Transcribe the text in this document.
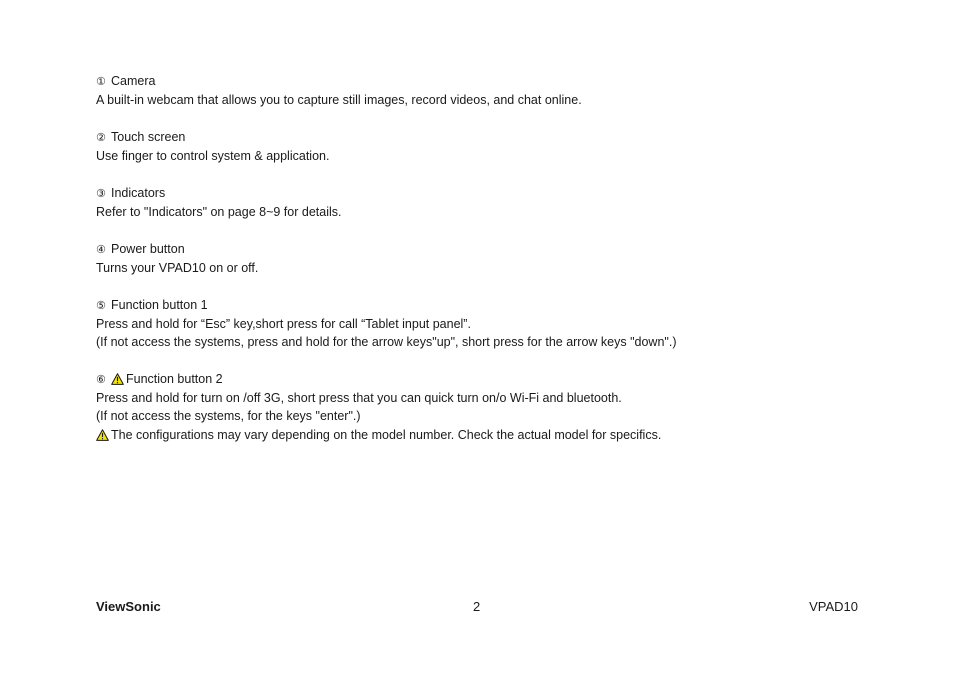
① Camera
A built-in webcam that allows you to capture still images, record videos, and chat online.
② Touch screen
Use finger to control system & application.
③ Indicators
Refer to "Indicators" on page 8~9 for details.
④ Power button
Turns your VPAD10 on or off.
⑤ Function button 1
Press and hold for “Esc” key,short press for call “Tablet input panel”.
(If not access the systems, press and hold for the arrow keys"up", short press for the arrow keys "down".)
⑥ Function button 2
Press and hold for turn on /off 3G, short press that you can quick turn on/o Wi-Fi and bluetooth.
(If not access the systems, for the keys "enter".)
The configurations may vary depending on the model number. Check the actual model for specifics.
ViewSonic	2	VPAD10
